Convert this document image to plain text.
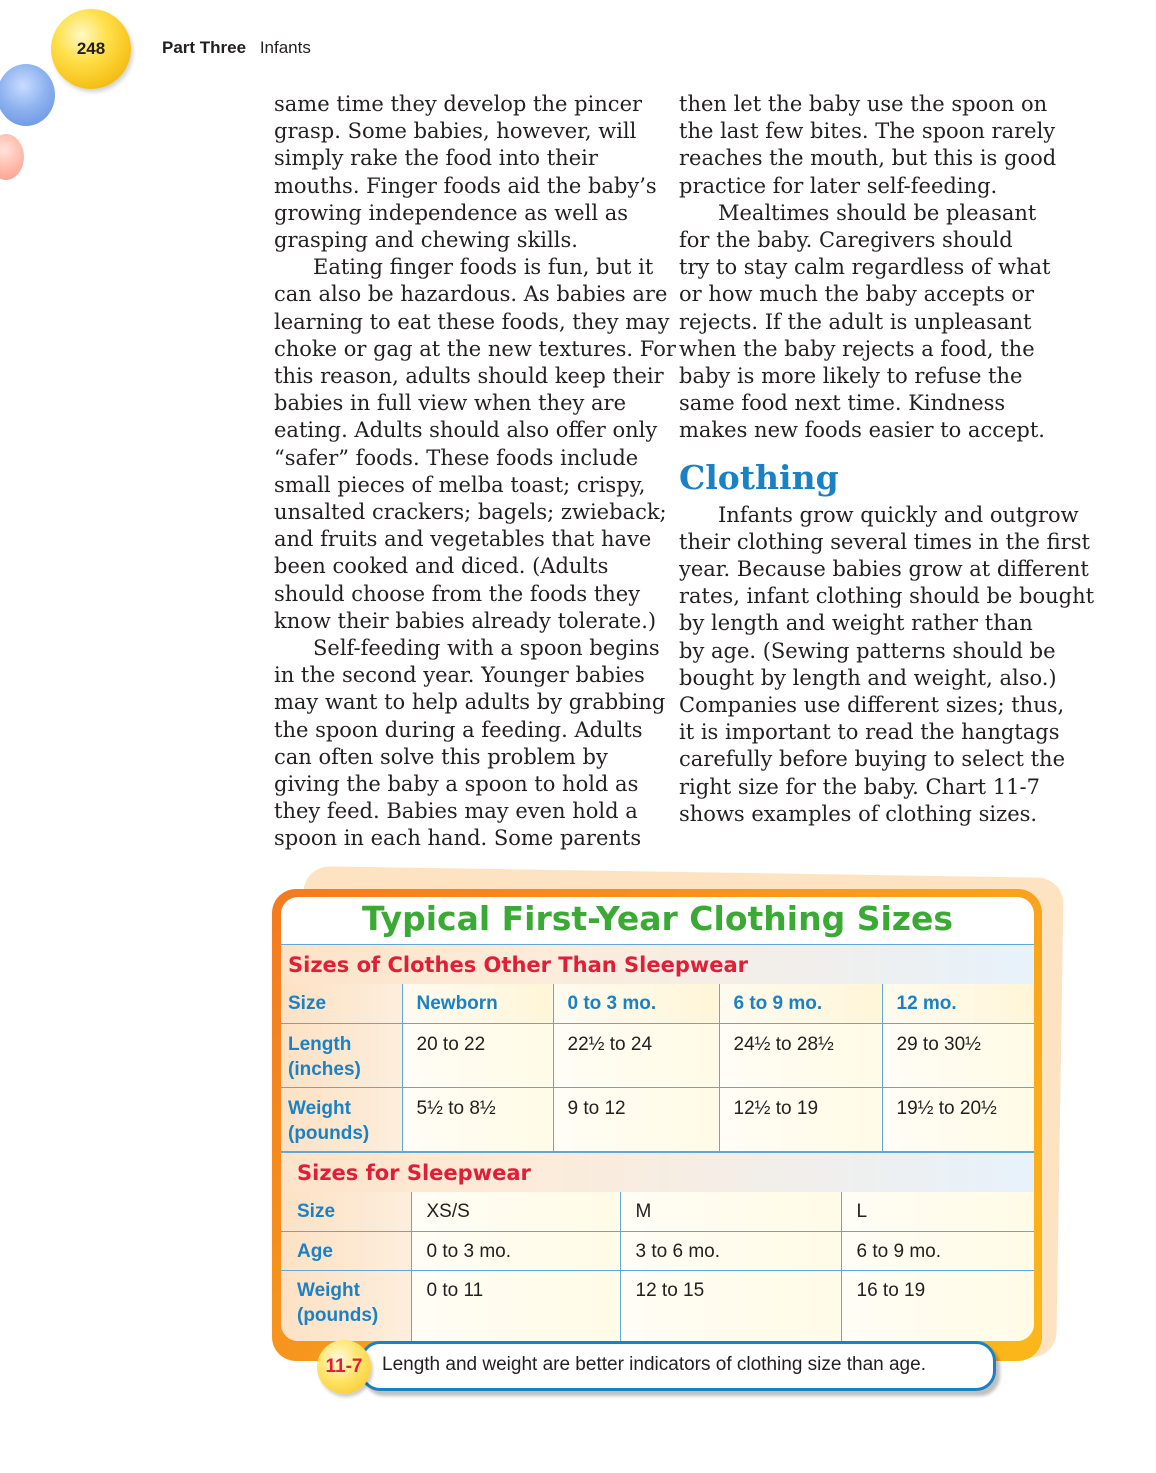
248	Part Three Infants
same time they develop the pincer
grasp. Some babies, however, will
simply rake the food into their
mouths. Finger foods aid the baby’s
growing independence as well as
grasping and chewing skills.
Eating finger foods is fun, but it
can also be hazardous. As babies are
learning to eat these foods, they may
choke or gag at the new textures. For
this reason, adults should keep their
babies in full view when they are
eating. Adults should also offer only
“safer” foods. These foods include
small pieces of melba toast; crispy,
unsalted crackers; bagels; zwieback;
and fruits and vegetables that have
been cooked and diced. (Adults
should choose from the foods they
know their babies already tolerate.)
Self-feeding with a spoon begins
in the second year. Younger babies
may want to help adults by grabbing
the spoon during a feeding. Adults
can often solve this problem by
giving the baby a spoon to hold as
they feed. Babies may even hold a
spoon in each hand. Some parents
then let the baby use the spoon on
the last few bites. The spoon rarely
reaches the mouth, but this is good
practice for later self-feeding.
Mealtimes should be pleasant
for the baby. Caregivers should
try to stay calm regardless of what
or how much the baby accepts or
rejects. If the adult is unpleasant
when the baby rejects a food, the
baby is more likely to refuse the
same food next time. Kindness
makes new foods easier to accept.
Clothing
Infants grow quickly and outgrow
their clothing several times in the first
year. Because babies grow at different
rates, infant clothing should be bought
by length and weight rather than
by age. (Sewing patterns should be
bought by length and weight, also.)
Companies use different sizes; thus,
it is important to read the hangtags
carefully before buying to select the
right size for the baby. Chart 11-7
shows examples of clothing sizes.
Typical First-Year Clothing Sizes
Sizes of Clothes Other Than Sleepwear
Size	Newborn	0 to 3 mo.	6 to 9 mo.	12 mo.

Length (inches)	20 to 22	22½ to 24	24½ to 28½	29 to 30½

Weight (pounds)	5½ to 8½	9 to 12	12½ to 19	19½ to 20½
Sizes for Sleepwear
Size	XS/S	M	L

Age	0 to 3 mo.	3 to 6 mo.	6 to 9 mo.

Weight (pounds)	0 to 11	12 to 15	16 to 19
Length and weight are better indicators of clothing size than age.
11-7
